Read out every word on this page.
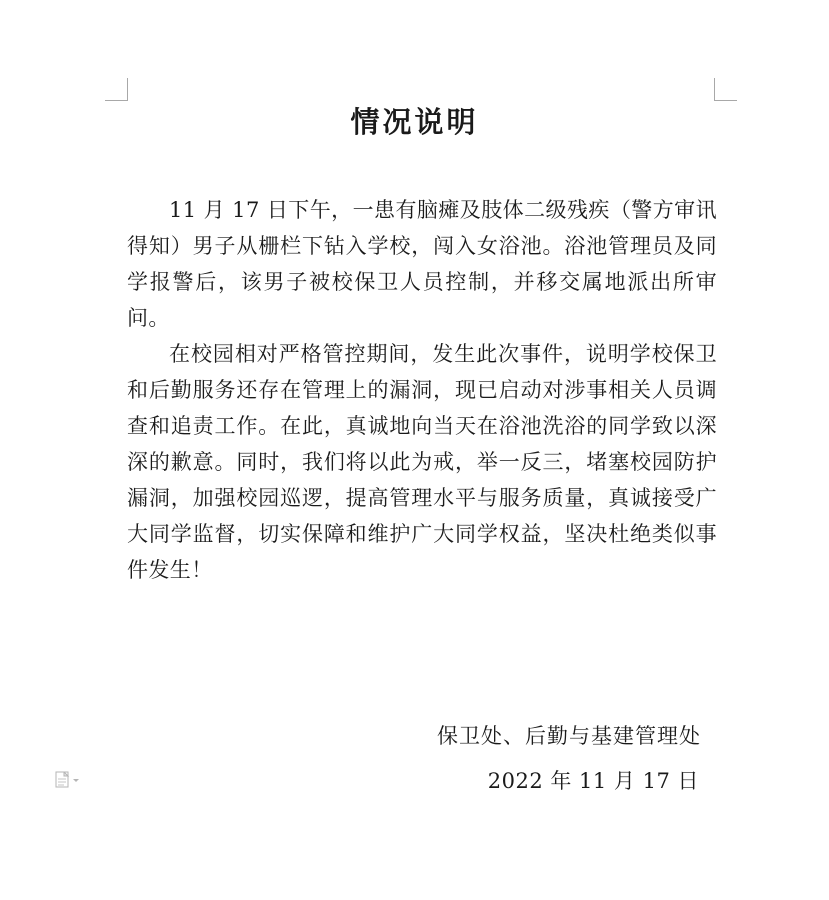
情况说明

11 月 17 日下午，一患有脑瘫及肢体二级残疾（警方审讯得知）男子从栅栏下钻入学校，闯入女浴池。浴池管理员及同学报警后，该男子被校保卫人员控制，并移交属地派出所审问。

在校园相对严格管控期间，发生此次事件，说明学校保卫和后勤服务还存在管理上的漏洞，现已启动对涉事相关人员调查和追责工作。在此，真诚地向当天在浴池洗浴的同学致以深深的歉意。同时，我们将以此为戒，举一反三，堵塞校园防护漏洞，加强校园巡逻，提高管理水平与服务质量，真诚接受广大同学监督，切实保障和维护广大同学权益，坚决杜绝类似事件发生！

保卫处、后勤与基建管理处
2022 年 11 月 17 日
